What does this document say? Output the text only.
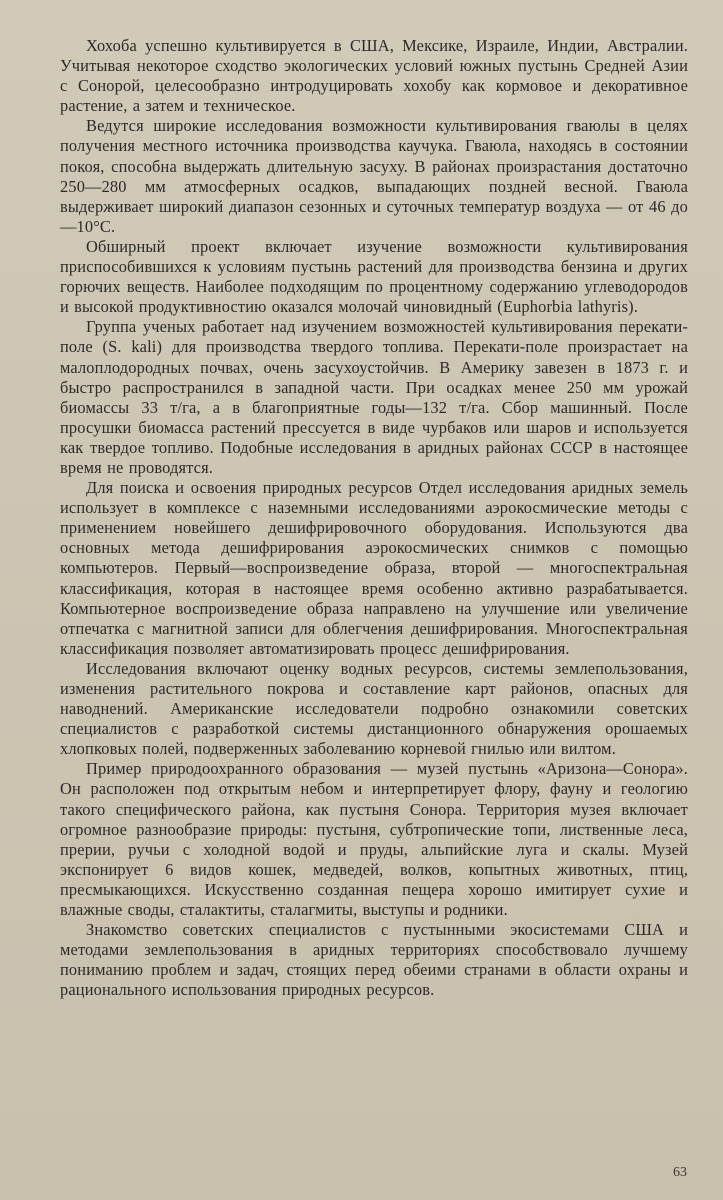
Хохоба успешно культивируется в США, Мексике, Израиле, Индии, Австралии. Учитывая некоторое сходство экологических условий южных пустынь Средней Азии с Сонорой, целесообразно интродуцировать хохобу как кормовое и декоративное растение, а затем и техническое.

Ведутся широкие исследования возможности культивирования гваюлы в целях получения местного источника производства каучука. Гваюла, находясь в состоянии покоя, способна выдержать длительную засуху. В районах произрастания достаточно 250—280 мм атмосферных осадков, выпадающих поздней весной. Гваюла выдерживает широкий диапазон сезонных и суточных температур воздуха — от 46 до —10°С.

Обширный проект включает изучение возможности культивирования приспособившихся к условиям пустынь растений для производства бензина и других горючих веществ. Наиболее подходящим по процентному содержанию углеводородов и высокой продуктивностию оказался молочай чиновидный (Euphorbia lathyris).

Группа ученых работает над изучением возможностей культивирования перекати-поле (S. kali) для производства твердого топлива. Перекати-поле произрастает на малоплодородных почвах, очень засухоустойчив. В Америку завезен в 1873 г. и быстро распространился в западной части. При осадках менее 250 мм урожай биомассы 33 т/га, а в благоприятные годы—132 т/га. Сбор машинный. После просушки биомасса растений прессуется в виде чурбаков или шаров и используется как твердое топливо. Подобные исследования в аридных районах СССР в настоящее время не проводятся.

Для поиска и освоения природных ресурсов Отдел исследования аридных земель использует в комплексе с наземными исследованиями аэрокосмические методы с применением новейшего дешифрировочного оборудования. Используются два основных метода дешифрирования аэрокосмических снимков с помощью компьютеров. Первый—воспроизведение образа, второй — многоспектральная классификация, которая в настоящее время особенно активно разрабатывается. Компьютерное воспроизведение образа направлено на улучшение или увеличение отпечатка с магнитной записи для облегчения дешифрирования. Многоспектральная классификация позволяет автоматизировать процесс дешифрирования.

Исследования включают оценку водных ресурсов, системы землепользования, изменения растительного покрова и составление карт районов, опасных для наводнений. Американские исследователи подробно ознакомили советских специалистов с разработкой системы дистанционного обнаружения орошаемых хлопковых полей, подверженных заболеванию корневой гнилью или вилтом.

Пример природоохранного образования — музей пустынь «Аризона—Сонора». Он расположен под открытым небом и интерпретирует флору, фауну и геологию такого специфического района, как пустыня Сонора. Территория музея включает огромное разнообразие природы: пустыня, субтропические топи, лиственные леса, прерии, ручьи с холодной водой и пруды, альпийские луга и скалы. Музей экспонирует 6 видов кошек, медведей, волков, копытных животных, птиц, пресмыкающихся. Искусственно созданная пещера хорошо имитирует сухие и влажные своды, сталактиты, сталагмиты, выступы и родники.

Знакомство советских специалистов с пустынными экосистемами США и методами землепользования в аридных территориях способствовало лучшему пониманию проблем и задач, стоящих перед обеими странами в области охраны и рационального использования природных ресурсов.

63
